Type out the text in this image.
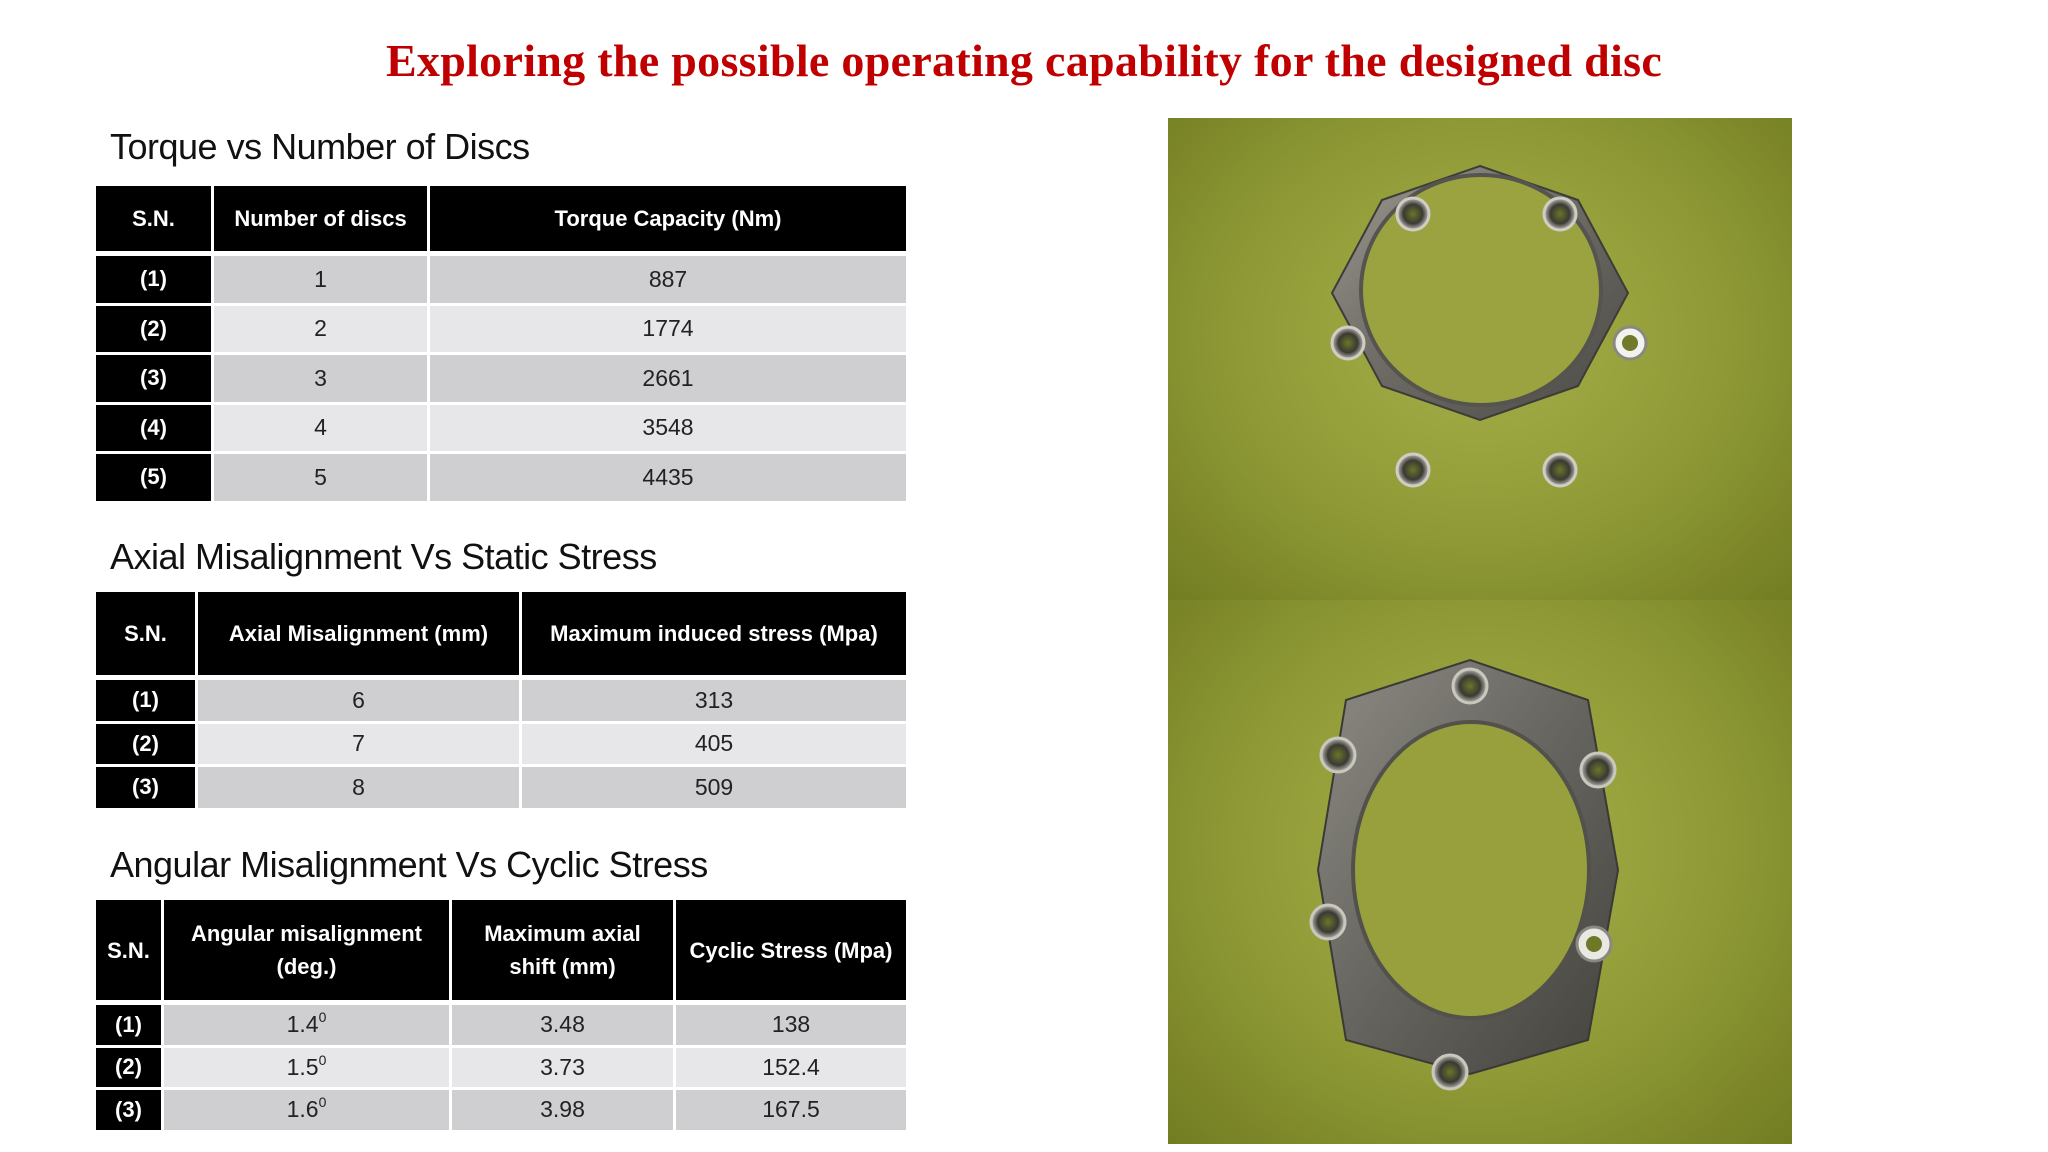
Exploring the possible operating capability for the designed disc
Torque vs Number of Discs
S.N.	Number of discs	Torque Capacity (Nm)
(1)	1	887
(2)	2	1774
(3)	3	2661
(4)	4	3548
(5)	5	4435
Axial Misalignment Vs Static Stress
S.N.	Axial Misalignment (mm)	Maximum induced stress (Mpa)
(1)	6	313
(2)	7	405
(3)	8	509
Angular Misalignment Vs Cyclic Stress
S.N.	Angular misalignment (deg.)	Maximum axial shift (mm)	Cyclic Stress (Mpa)
(1)	$1.4^0$	3.48	138
(2)	$1.5^0$	3.73	152.4
(3)	$1.6^0$	3.98	167.5
